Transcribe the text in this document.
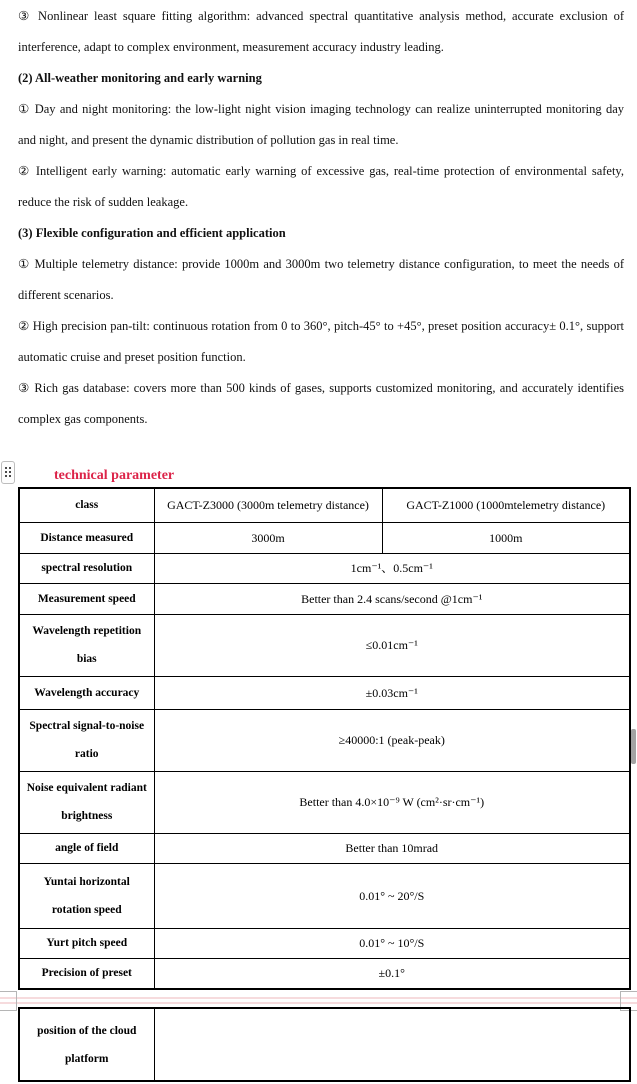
③ Nonlinear least square fitting algorithm: advanced spectral quantitative analysis method, accurate exclusion of interference, adapt to complex environment, measurement accuracy industry leading.

(2) All-weather monitoring and early warning

① Day and night monitoring: the low-light night vision imaging technology can realize uninterrupted monitoring day and night, and present the dynamic distribution of pollution gas in real time.

② Intelligent early warning: automatic early warning of excessive gas, real-time protection of environmental safety, reduce the risk of sudden leakage.

(3) Flexible configuration and efficient application

① Multiple telemetry distance: provide 1000m and 3000m two telemetry distance configuration, to meet the needs of different scenarios.

② High precision pan-tilt: continuous rotation from 0 to 360°, pitch-45° to +45°, preset position accuracy± 0.1°, support automatic cruise and preset position function.

③ Rich gas database: covers more than 500 kinds of gases, supports customized monitoring, and accurately identifies complex gas components.

technical parameter
class	GACT-Z3000 (3000m telemetry distance)	GACT-Z1000 (1000mtelemetry distance)
Distance measured	3000m	1000m
spectral resolution	1cm⁻¹、0.5cm⁻¹	
Measurement speed	Better than 2.4 scans/second @1cm⁻¹	
Wavelength repetition bias	≤0.01cm⁻¹	
Wavelength accuracy	±0.03cm⁻¹	
Spectral signal-to-noise ratio	≥40000:1 (peak-peak)	
Noise equivalent radiant brightness	Better than 4.0×10⁻⁹ W (cm²·sr·cm⁻¹)	
angle of field	Better than 10mrad	
Yuntai horizontal rotation speed	0.01° ~ 20°/S	
Yurt pitch speed	0.01° ~ 10°/S	
Precision of preset	±0.1°	
position of the cloud platform	
